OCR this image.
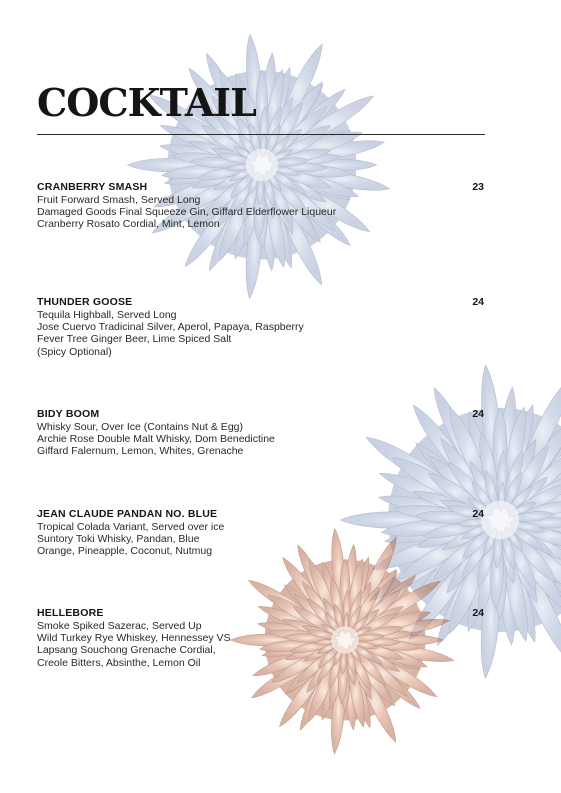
COCKTAIL
CRANBERRY SMASH	23
Fruit Forward Smash, Served Long
Damaged Goods Final Squeeze Gin, Giffard Elderflower Liqueur
Cranberry Rosato Cordial, Mint, Lemon
THUNDER GOOSE	24
Tequila Highball, Served Long
Jose Cuervo Tradicinal Silver, Aperol, Papaya, Raspberry
Fever Tree Ginger Beer, Lime Spiced Salt
(Spicy Optional)
BIDY BOOM	24
Whisky Sour, Over Ice (Contains Nut & Egg)
Archie Rose Double Malt Whisky, Dom Benedictine
Giffard Falernum, Lemon, Whites, Grenache
JEAN CLAUDE PANDAN NO. BLUE	24
Tropical Colada Variant, Served over ice
Suntory Toki Whisky, Pandan, Blue
Orange, Pineapple, Coconut, Nutmug
HELLEBORE	24
Smoke Spiked Sazerac, Served Up
Wild Turkey Rye Whiskey, Hennessey VS
Lapsang Souchong Grenache Cordial,
Creole Bitters, Absinthe, Lemon Oil
